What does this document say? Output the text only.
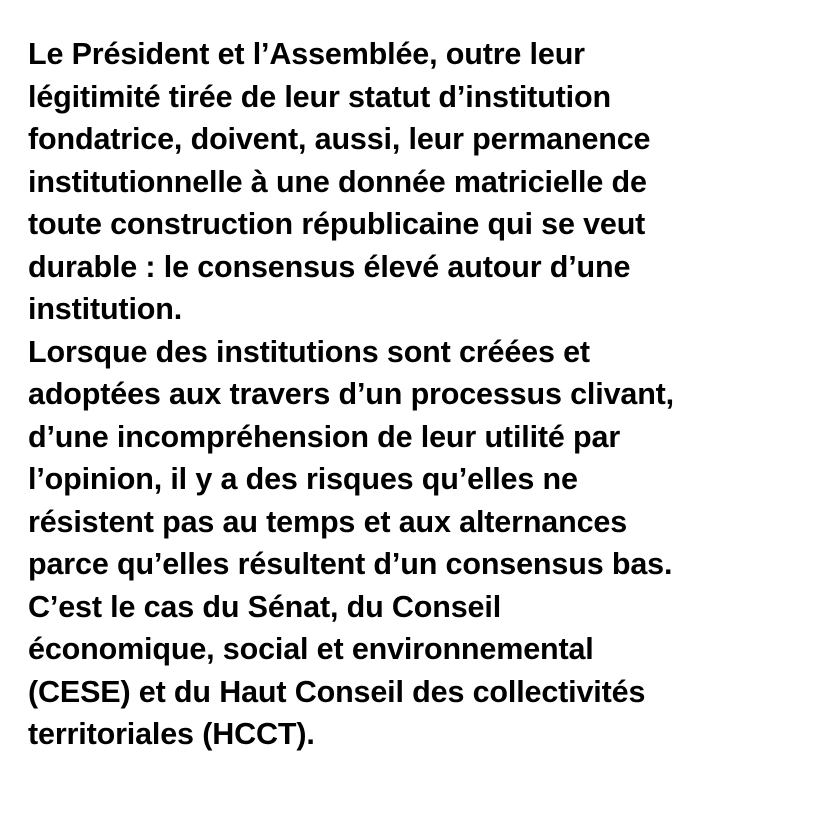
Le Président et l’Assemblée, outre leur
légitimité tirée de leur statut d’institution
fondatrice, doivent, aussi, leur permanence
institutionnelle à une donnée matricielle de
toute construction républicaine qui se veut
durable : le consensus élevé autour d’une
institution.
Lorsque des institutions sont créées et
adoptées aux travers d’un processus clivant,
d’une incompréhension de leur utilité par
l’opinion, il y a des risques qu’elles ne
résistent pas au temps et aux alternances
parce qu’elles résultent d’un consensus bas.
C’est le cas du Sénat, du Conseil
économique, social et environnemental
(CESE) et du Haut Conseil des collectivités
territoriales (HCCT).
